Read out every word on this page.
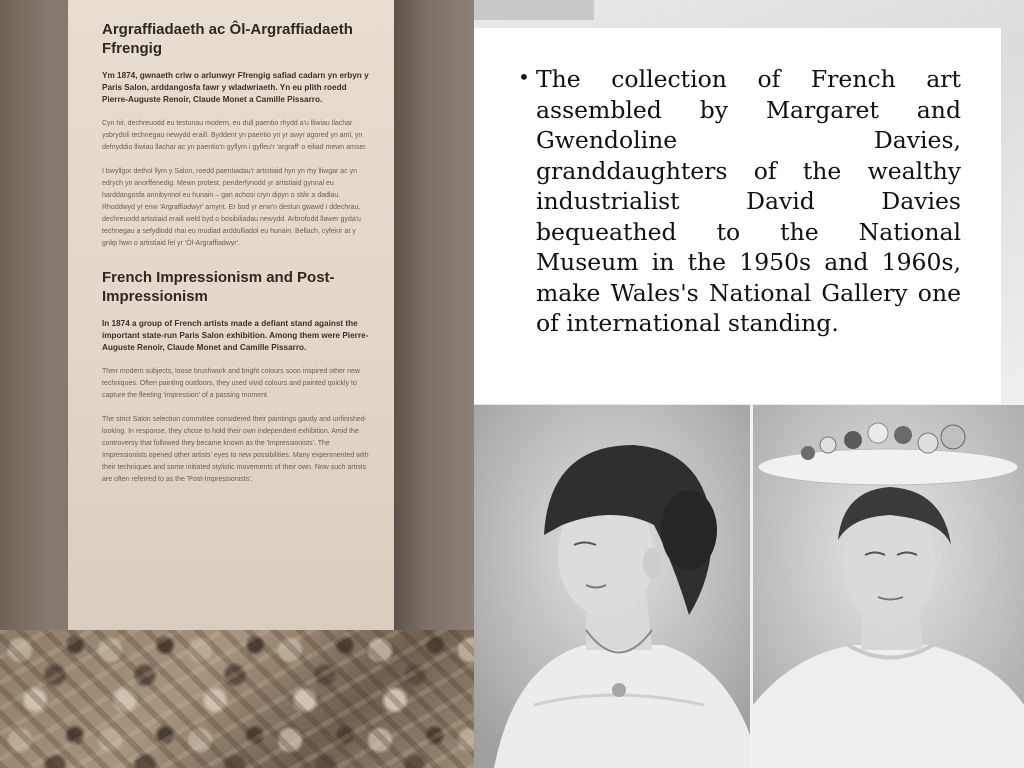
Argraffiadaeth ac Ôl-Argraffiadaeth Ffrengig

Ym 1874, gwnaeth criw o arlunwyr Ffrengig safiad cadarn yn erbyn y Paris Salon, arddangosfa fawr y wladwriaeth. Yn eu plith roedd Pierre-Auguste Renoir, Claude Monet a Camille Pissarro.

Cyn hir, dechreuodd eu testunau modern, eu dull paentio rhydd a'u lliwiau llachar ysbrydoli technegau newydd eraill. Byddent yn paentio yn yr awyr agored yn aml, yn defnyddio lliwiau llachar ac yn paentio'n gyflym i gyfleu'r 'argraff' o eiliad mewn amser.

I bwyllgor dethol llym y Salon, roedd paentiadau'r artistiaid hyn yn rhy lliwgar ac yn edrych yn anorffenedig. Mewn protest, penderfynodd yr artistiaid gynnal eu harddangosfa annibynnol eu hunain – gan achosi cryn dipyn o stŵr a dadlau. Rhoddwyd yr enw 'Argraffiadwyr' arnynt. Er bod yr enw'n destun gwawd i ddechrau, dechreuodd artistiaid eraill weld byd o bosibiliadau newydd. Arbrofodd llawer gyda'u technegau a sefydlodd rhai eu mudiad arddulliadol eu hunain. Bellach, cyfeirir at y grŵp hwn o artistiaid fel yr 'Ôl-Argraffiadwyr'.

French Impressionism and Post-Impressionism

In 1874 a group of French artists made a defiant stand against the important state-run Paris Salon exhibition. Among them were Pierre-Auguste Renoir, Claude Monet and Camille Pissarro.

Their modern subjects, loose brushwork and bright colours soon inspired other new techniques. Often painting outdoors, they used vivid colours and painted quickly to capture the fleeting 'impression' of a passing moment.

The strict Salon selection committee considered their paintings gaudy and unfinished-looking. In response, they chose to hold their own independent exhibition. Amid the controversy that followed they became known as the 'Impressionists'. The Impressionists opened other artists' eyes to new possibilities. Many experimented with their techniques and some initiated stylistic movements of their own. Now such artists are often referred to as the 'Post-Impressionists'.

• The collection of French art assembled by Margaret and Gwendoline Davies, granddaughters of the wealthy industrialist David Davies bequeathed to the National Museum in the 1950s and 1960s, make Wales's National Gallery one of international standing.
